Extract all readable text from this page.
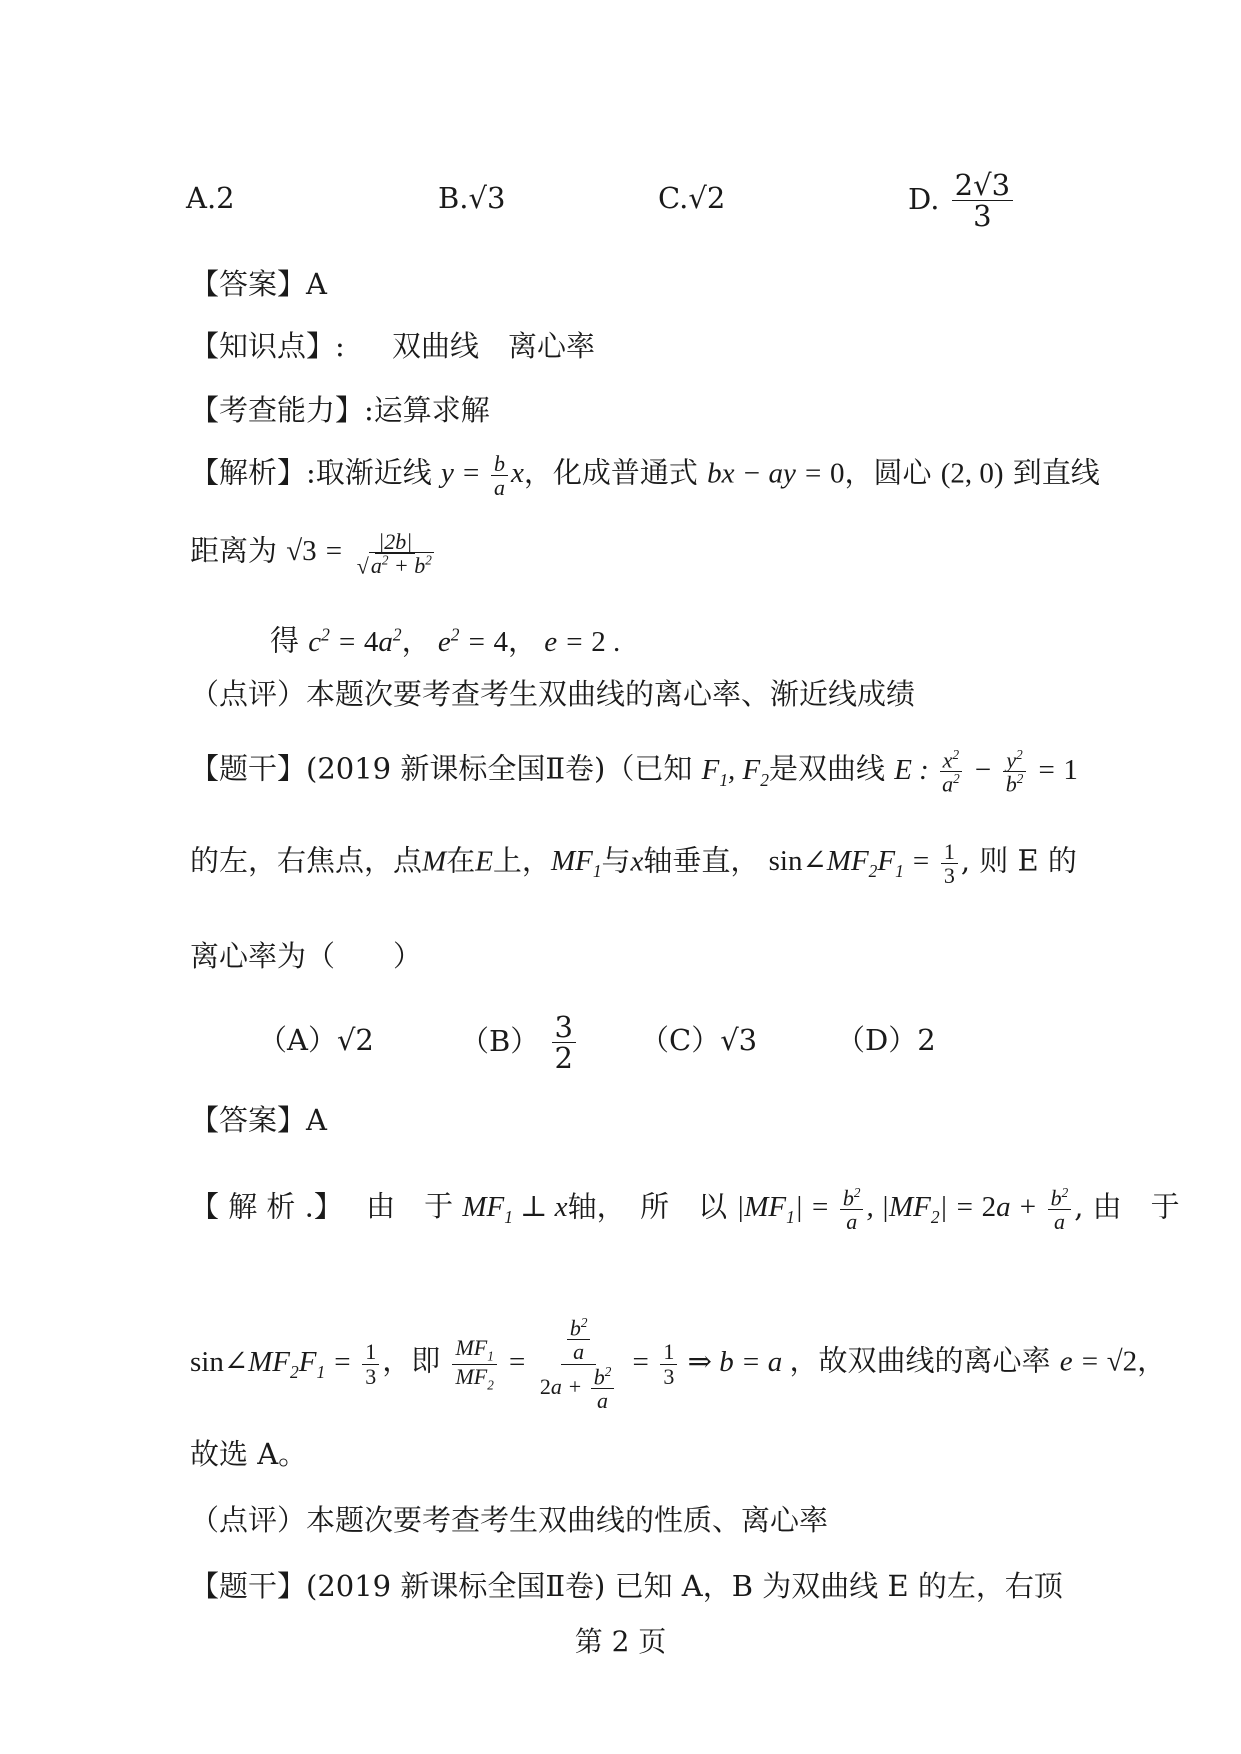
A.2	B.√3	C.√2	D. $\frac{2√3}{3}$
【答案】A
【知识点】: 双曲线　离心率
【考查能力】:运算求解
【解析】:取渐近线 $y = \frac{b}{a}$ x，化成普通式 bx − ay = 0，圆心 (2, 0) 到直线
距离为 $√3 = \frac{|2b|}{√a^2 + b^2}$
得 $c^2 = 4a^2$， $e^2 = 4$， e = 2 .
（点评）本题次要考查考生双曲线的离心率、渐近线成绩
【题干】(2019 新课标全国Ⅱ卷)（已知 $F_1$, $F_2$是双曲线 E : $\frac{x^2}{a^2} - \frac{y^2}{b^2} = 1$
的左，右焦点，点M在E上，$MF_1$与x轴垂直， $\sin\angle MF_2F_1 = \frac{1}{3}$ , 则 E 的
离心率为（　　）
（A）√2	$(B) \frac{3}{2} (C)√3$	（D）2
【答案】A
【 解 析 .】 由　于 $MF_1$ ⊥ x轴，　所　以 $|MF_1| = \frac{b^2}{a}$ , $|MF_2| = 2a + \frac{b^2}{a}$ , 由　于
$\sin\angle MF_2F_1 = \frac{1}{3}$ ，即 $\frac{MF_1}{MF_2} = \frac{\frac{b^2}{a}}{2a + \frac{b^2}{a}} = \frac{1}{3}$ ⇒ b = a ，故双曲线的离心率 e = √2，
故选 A。
（点评）本题次要考查考生双曲线的性质、离心率
【题干】(2019 新课标全国Ⅱ卷) 已知 A，B 为双曲线 E 的左，右顶
第 2 页
